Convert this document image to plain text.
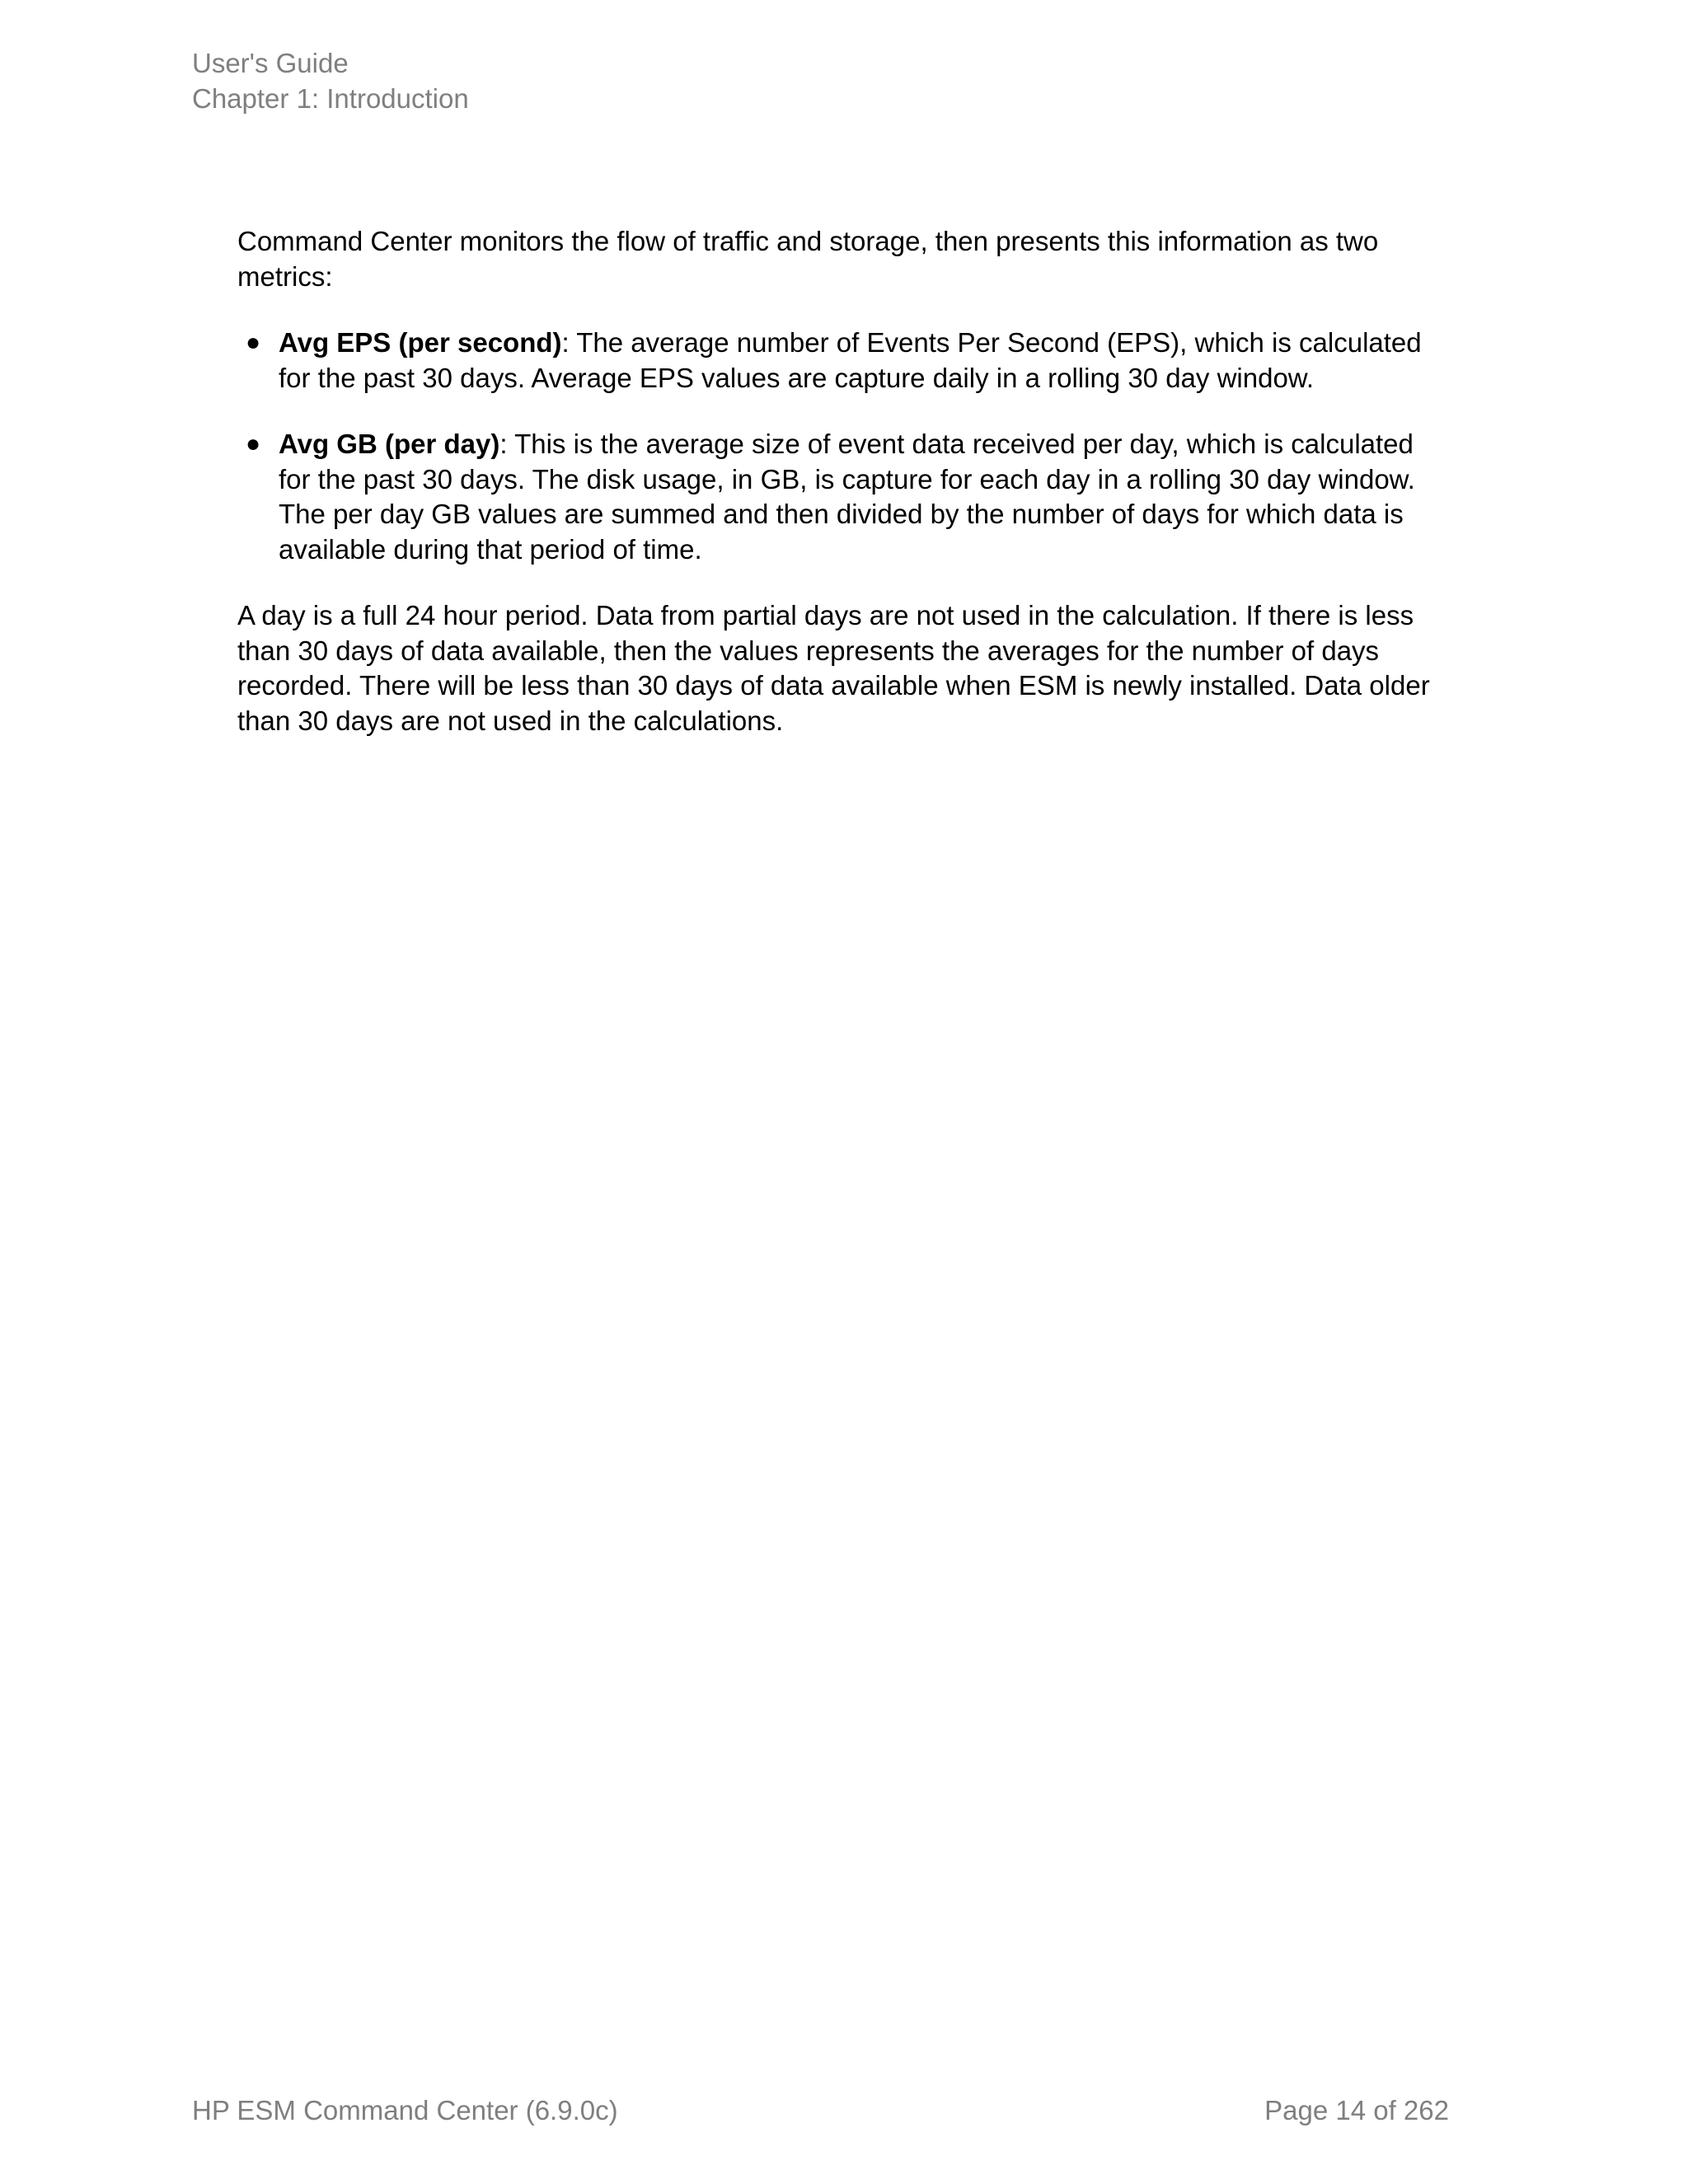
User's Guide
Chapter 1: Introduction

Command Center monitors the flow of traffic and storage, then presents this information as two metrics:

● Avg EPS (per second): The average number of Events Per Second (EPS), which is calculated for the past 30 days. Average EPS values are capture daily in a rolling 30 day window.
● Avg GB (per day): This is the average size of event data received per day, which is calculated for the past 30 days. The disk usage, in GB, is capture for each day in a rolling 30 day window. The per day GB values are summed and then divided by the number of days for which data is available during that period of time.

A day is a full 24 hour period. Data from partial days are not used in the calculation. If there is less than 30 days of data available, then the values represents the averages for the number of days recorded. There will be less than 30 days of data available when ESM is newly installed. Data older than 30 days are not used in the calculations.

HP ESM Command Center (6.9.0c)	Page 14 of 262
